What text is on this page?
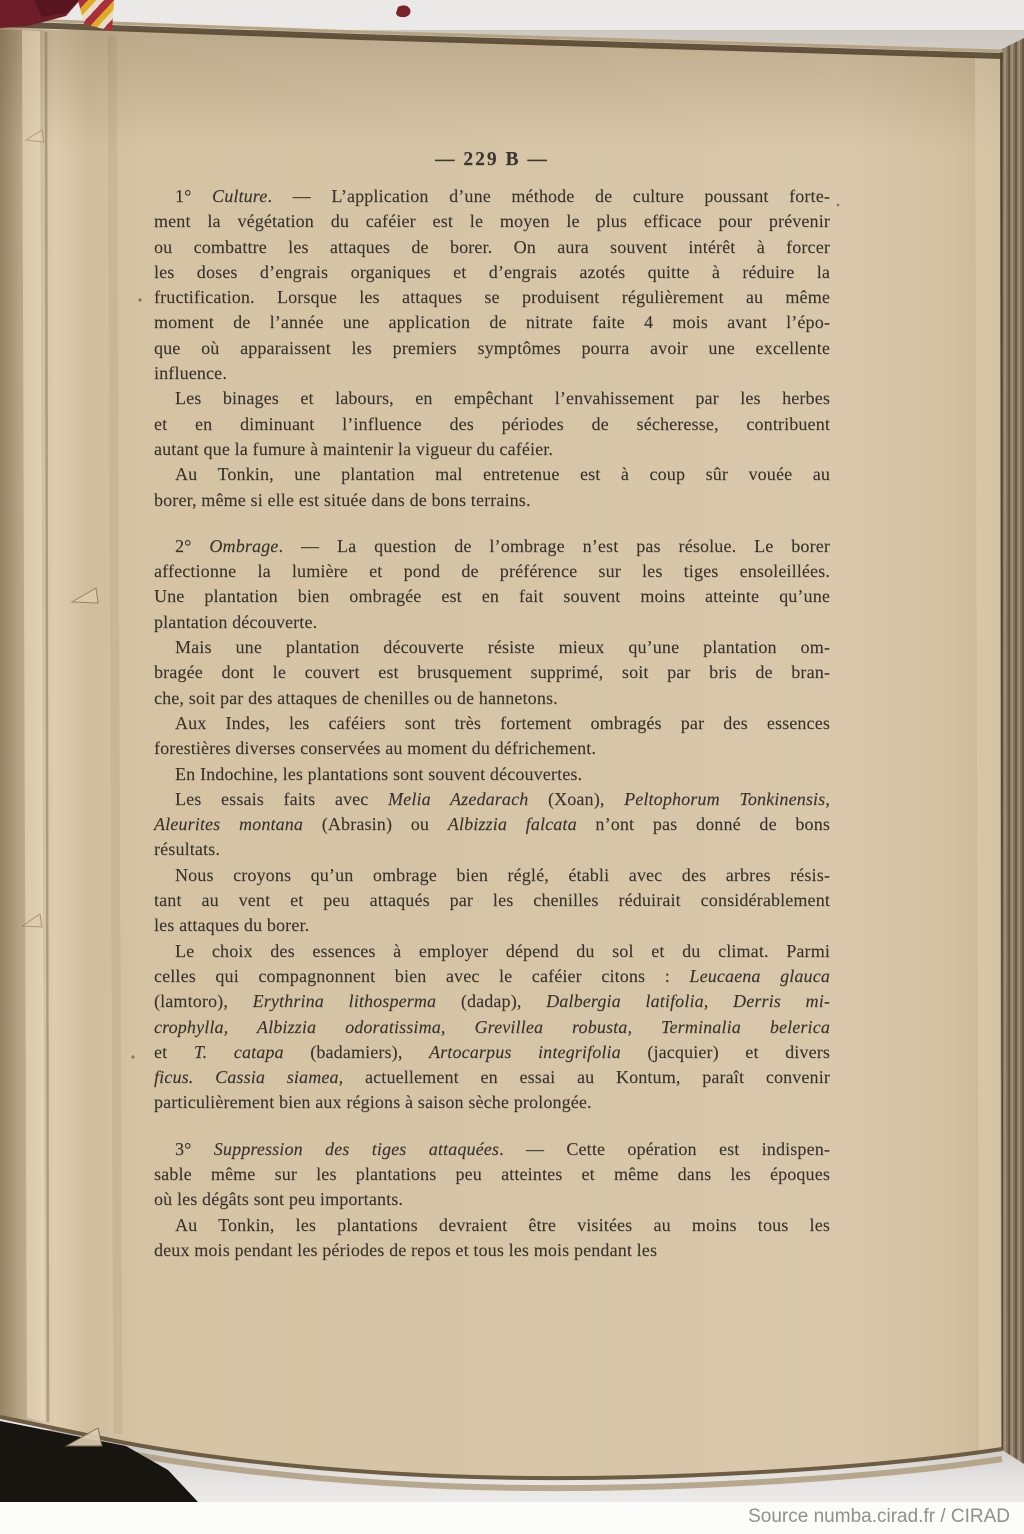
— 229 B —
1° Culture. — L’application d’une méthode de culture poussant forte-
ment la végétation du caféier est le moyen le plus efficace pour prévenir
ou combattre les attaques de borer. On aura souvent intérêt à forcer
les doses d’engrais organiques et d’engrais azotés quitte à réduire la
fructification. Lorsque les attaques se produisent régulièrement au même
moment de l’année une application de nitrate faite 4 mois avant l’épo-
que où apparaissent les premiers symptômes pourra avoir une excellente
influence.
Les binages et labours, en empêchant l’envahissement par les herbes
et en diminuant l’influence des périodes de sécheresse, contribuent
autant que la fumure à maintenir la vigueur du caféier.
Au Tonkin, une plantation mal entretenue est à coup sûr vouée au
borer, même si elle est située dans de bons terrains.
2° Ombrage. — La question de l’ombrage n’est pas résolue. Le borer
affectionne la lumière et pond de préférence sur les tiges ensoleillées.
Une plantation bien ombragée est en fait souvent moins atteinte qu’une
plantation découverte.
Mais une plantation découverte résiste mieux qu’une plantation om-
bragée dont le couvert est brusquement supprimé, soit par bris de bran-
che, soit par des attaques de chenilles ou de hannetons.
Aux Indes, les caféiers sont très fortement ombragés par des essences
forestières diverses conservées au moment du défrichement.
En Indochine, les plantations sont souvent découvertes.
Les essais faits avec Melia Azedarach (Xoan), Peltophorum Tonkinensis,
Aleurites montana (Abrasin) ou Albizzia falcata n’ont pas donné de bons
résultats.
Nous croyons qu’un ombrage bien réglé, établi avec des arbres résis-
tant au vent et peu attaqués par les chenilles réduirait considérablement
les attaques du borer.
Le choix des essences à employer dépend du sol et du climat. Parmi
celles qui compagnonnent bien avec le caféier citons : Leucaena glauca
(lamtoro), Erythrina lithosperma (dadap), Dalbergia latifolia, Derris mi-
crophylla, Albizzia odoratissima, Grevillea robusta, Terminalia belerica
et T. catapa (badamiers), Artocarpus integrifolia (jacquier) et divers
ficus. Cassia siamea, actuellement en essai au Kontum, paraît convenir
particulièrement bien aux régions à saison sèche prolongée.
3° Suppression des tiges attaquées. — Cette opération est indispen-
sable même sur les plantations peu atteintes et même dans les époques
où les dégâts sont peu importants.
Au Tonkin, les plantations devraient être visitées au moins tous les
deux mois pendant les périodes de repos et tous les mois pendant les
Source numba.cirad.fr / CIRAD
